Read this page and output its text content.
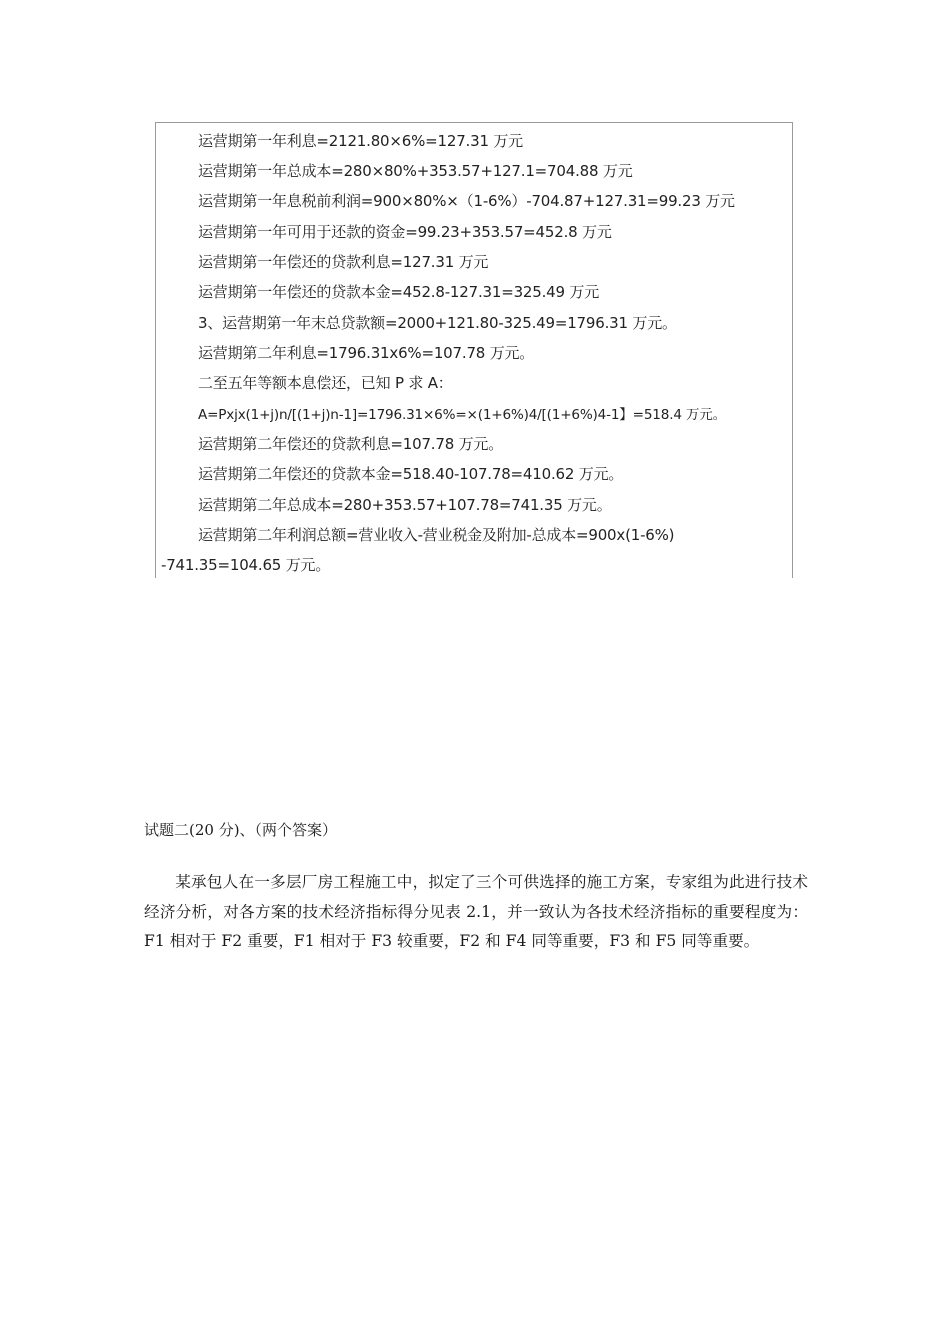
运营期第一年利息=2121.80×6%=127.31 万元
运营期第一年总成本=280×80%+353.57+127.1=704.88 万元
运营期第一年息税前利润=900×80%×（1-6%）-704.87+127.31=99.23 万元
运营期第一年可用于还款的资金=99.23+353.57=452.8 万元
运营期第一年偿还的贷款利息=127.31 万元
运营期第一年偿还的贷款本金=452.8-127.31=325.49 万元
3、运营期第一年末总贷款额=2000+121.80-325.49=1796.31 万元。
运营期第二年利息=1796.31x6%=107.78 万元。
二至五年等额本息偿还，已知 P 求 A：
A=Pxjx(1+j)n/[(1+j)n-1]=1796.31×6%=×(1+6%)4/[(1+6%)4-1】=518.4 万元。
运营期第二年偿还的贷款利息=107.78 万元。
运营期第二年偿还的贷款本金=518.40-107.78=410.62 万元。
运营期第二年总成本=280+353.57+107.78=741.35 万元。
运营期第二年利润总额=营业收入-营业税金及附加-总成本=900x(1-6%)
-741.35=104.65 万元。
试题二(20 分)、（两个答案）
某承包人在一多层厂房工程施工中，拟定了三个可供选择的施工方案，专家组为此进行技术经济分析，对各方案的技术经济指标得分见表 2.1，并一致认为各技术经济指标的重要程度为：F1 相对于 F2 重要，F1 相对于 F3 较重要，F2 和 F4 同等重要，F3 和 F5 同等重要。
